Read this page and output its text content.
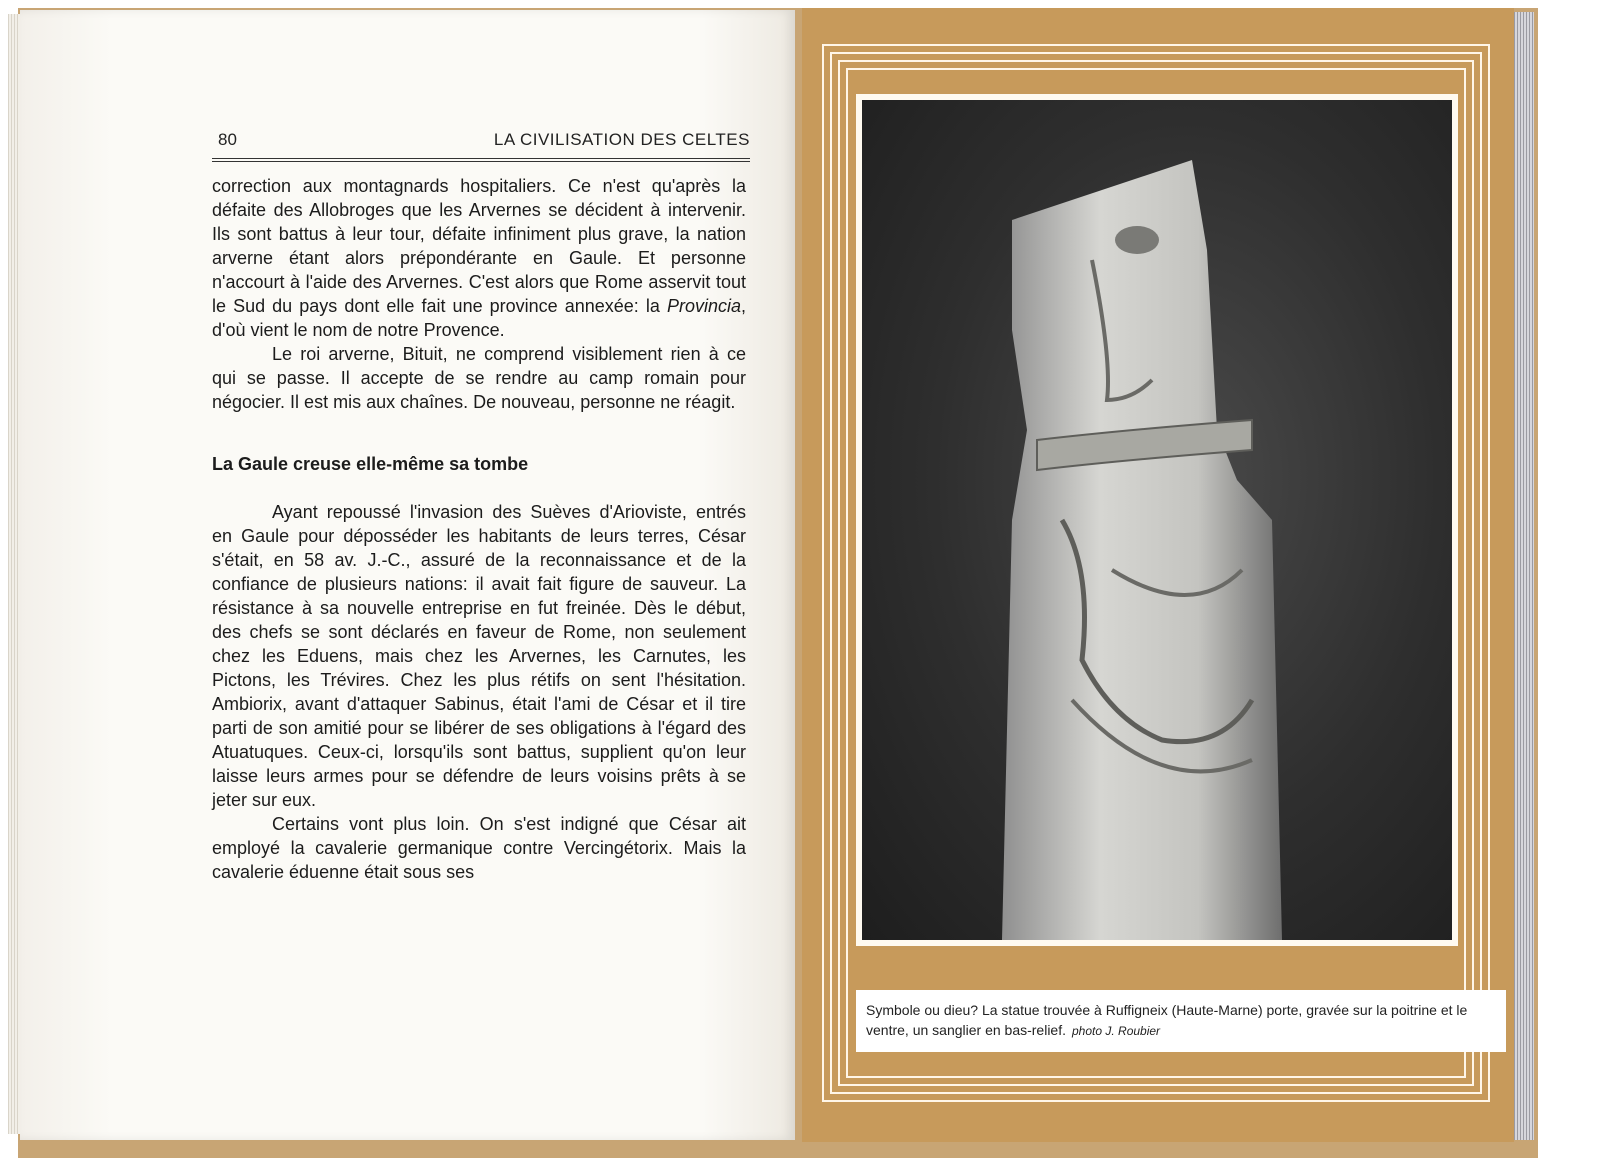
80	LA CIVILISATION DES CELTES

correction aux montagnards hospitaliers. Ce n'est qu'après la défaite des Allobroges que les Arvernes se décident à intervenir. Ils sont battus à leur tour, défaite infiniment plus grave, la nation arverne étant alors prépondérante en Gaule. Et personne n'accourt à l'aide des Arvernes. C'est alors que Rome asservit tout le Sud du pays dont elle fait une province annexée: la Provincia, d'où vient le nom de notre Provence.

Le roi arverne, Bituit, ne comprend visiblement rien à ce qui se passe. Il accepte de se rendre au camp romain pour négocier. Il est mis aux chaînes. De nouveau, personne ne réagit.

La Gaule creuse elle-même sa tombe

Ayant repoussé l'invasion des Suèves d'Arioviste, entrés en Gaule pour déposséder les habitants de leurs terres, César s'était, en 58 av. J.-C., assuré de la reconnaissance et de la confiance de plusieurs nations: il avait fait figure de sauveur. La résistance à sa nouvelle entreprise en fut freinée. Dès le début, des chefs se sont déclarés en faveur de Rome, non seulement chez les Eduens, mais chez les Arvernes, les Carnutes, les Pictons, les Trévires. Chez les plus rétifs on sent l'hésitation. Ambiorix, avant d'attaquer Sabinus, était l'ami de César et il tire parti de son amitié pour se libérer de ses obligations à l'égard des Atuatuques. Ceux-ci, lorsqu'ils sont battus, supplient qu'on leur laisse leurs armes pour se défendre de leurs voisins prêts à se jeter sur eux.

Certains vont plus loin. On s'est indigné que César ait employé la cavalerie germanique contre Vercingétorix. Mais la cavalerie éduenne était sous ses

Symbole ou dieu? La statue trouvée à Ruffigneix (Haute-Marne) porte, gravée sur la poitrine et le ventre, un sanglier en bas-relief. photo J. Roubier
